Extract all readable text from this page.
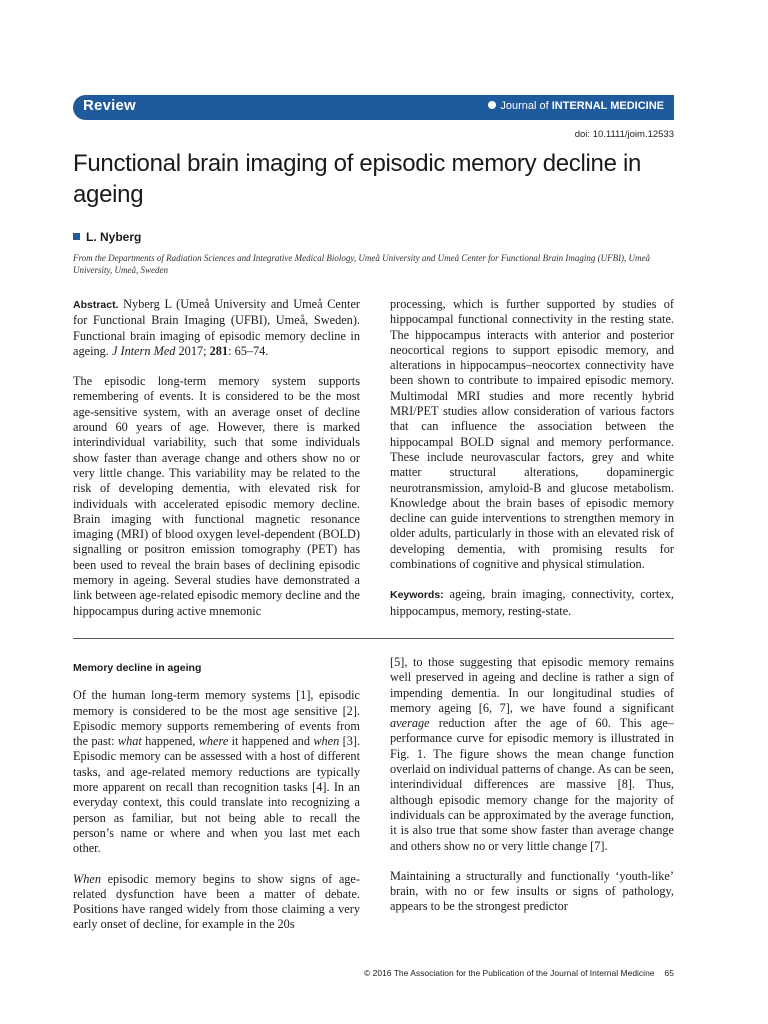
Review	Journal of INTERNAL MEDICINE
doi: 10.1111/joim.12533
Functional brain imaging of episodic memory decline in ageing
L. Nyberg
From the Departments of Radiation Sciences and Integrative Medical Biology, Umeå University and Umeå Center for Functional Brain Imaging (UFBI), Umeå University, Umeå, Sweden

Abstract. Nyberg L (Umeå University and Umeå Center for Functional Brain Imaging (UFBI), Umeå, Sweden). Functional brain imaging of episodic memory decline in ageing. J Intern Med 2017; 281: 65–74.

The episodic long-term memory system supports remembering of events. It is considered to be the most age-sensitive system, with an average onset of decline around 60 years of age. However, there is marked interindividual variability, such that some individuals show faster than average change and others show no or very little change. This variability may be related to the risk of developing dementia, with elevated risk for individuals with accelerated episodic memory decline. Brain imaging with functional magnetic resonance imaging (MRI) of blood oxygen level-dependent (BOLD) signalling or positron emission tomography (PET) has been used to reveal the brain bases of declining episodic memory in ageing. Several studies have demonstrated a link between age-related episodic memory decline and the hippocampus during active mnemonic

processing, which is further supported by studies of hippocampal functional connectivity in the resting state. The hippocampus interacts with anterior and posterior neocortical regions to support episodic memory, and alterations in hippocampus–neocortex connectivity have been shown to contribute to impaired episodic memory. Multimodal MRI studies and more recently hybrid MRI/PET studies allow consideration of various factors that can influence the association between the hippocampal BOLD signal and memory performance. These include neurovascular factors, grey and white matter structural alterations, dopaminergic neurotransmission, amyloid-B and glucose metabolism. Knowledge about the brain bases of episodic memory decline can guide interventions to strengthen memory in older adults, particularly in those with an elevated risk of developing dementia, with promising results for combinations of cognitive and physical stimulation.

Keywords: ageing, brain imaging, connectivity, cortex, hippocampus, memory, resting-state.

Memory decline in ageing

Of the human long-term memory systems [1], episodic memory is considered to be the most age sensitive [2]. Episodic memory supports remembering of events from the past: what happened, where it happened and when [3]. Episodic memory can be assessed with a host of different tasks, and age-related memory reductions are typically more apparent on recall than recognition tasks [4]. In an everyday context, this could translate into recognizing a person as familiar, but not being able to recall the person’s name or where and when you last met each other.

When episodic memory begins to show signs of age-related dysfunction have been a matter of debate. Positions have ranged widely from those claiming a very early onset of decline, for example in the 20s

[5], to those suggesting that episodic memory remains well preserved in ageing and decline is rather a sign of impending dementia. In our longitudinal studies of memory ageing [6, 7], we have found a significant average reduction after the age of 60. This age–performance curve for episodic memory is illustrated in Fig. 1. The figure shows the mean change function overlaid on individual patterns of change. As can be seen, interindividual differences are massive [8]. Thus, although episodic memory change for the majority of individuals can be approximated by the average function, it is also true that some show faster than average change and others show no or very little change [7].

Maintaining a structurally and functionally ‘youth-like’ brain, with no or few insults or signs of pathology, appears to be the strongest predictor

© 2016 The Association for the Publication of the Journal of Internal Medicine 65
